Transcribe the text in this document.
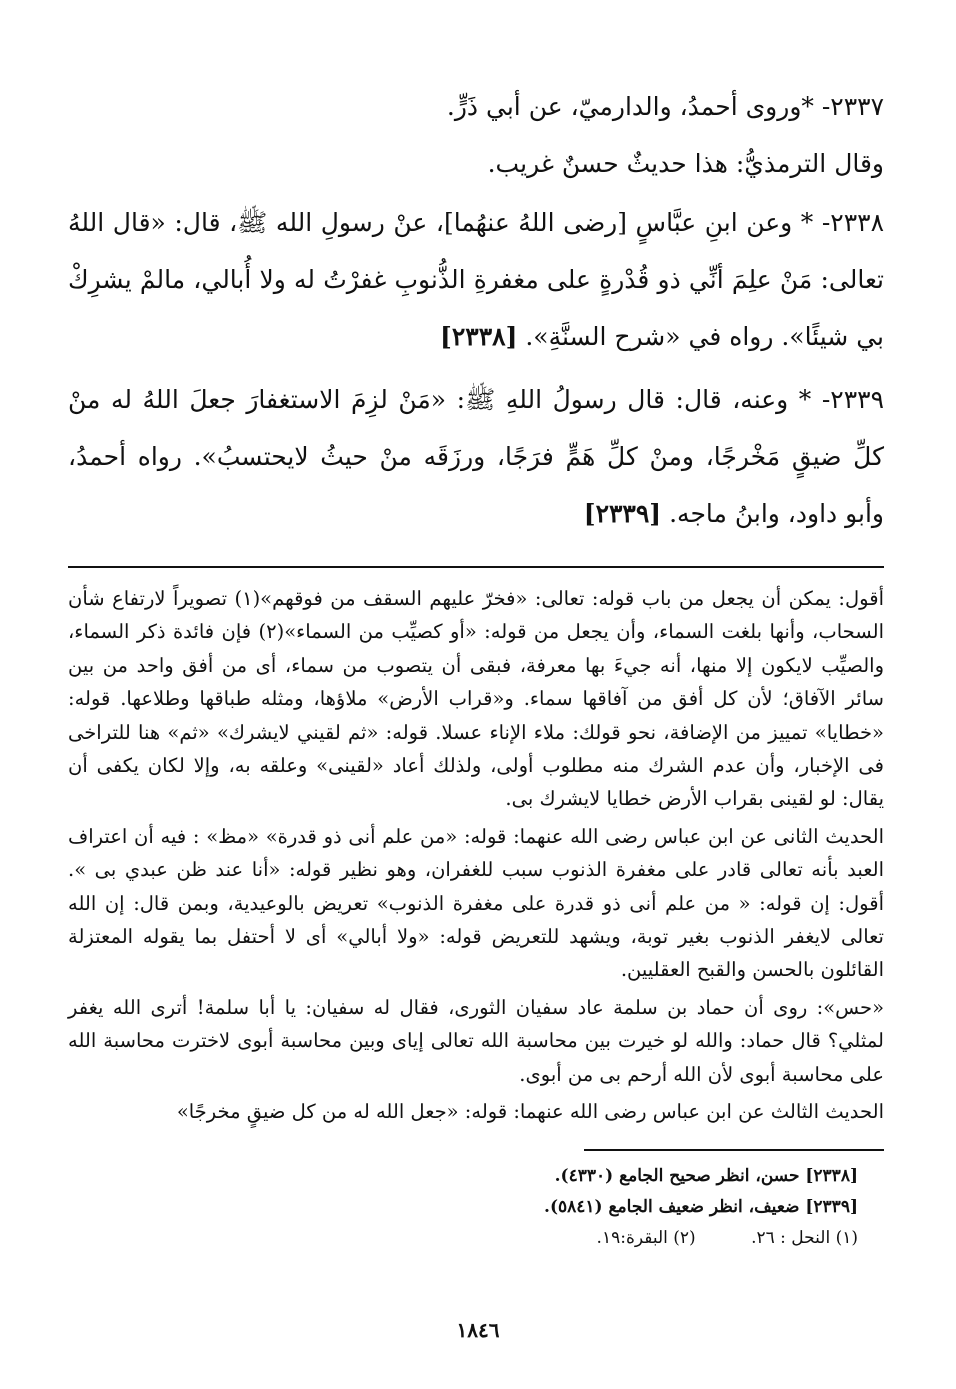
٢٣٣٧- *وروى أحمدُ، والدارميّ، عن أبي ذَرٍّ.
وقال الترمذيُّ: هذا حديثٌ حسنٌ غريب.
٢٣٣٨- * وعن ابنِ عبَّاسٍ [رضى اللهُ عنهُما]، عنْ رسولِ الله ﷺ، قال: «قال اللهُ تعالى: مَنْ علِمَ أنِّي ذو قُدْرةٍ على مغفرةِ الذُّنوبِ غفرْتُ له ولا أُبالي، مالمْ يشرِكْ بي شيئًا». رواه في «شرح السنَّةِ». [٢٣٣٨]
٢٣٣٩- * وعنه، قال: قال رسولُ اللهِ ﷺ: «مَنْ لزِمَ الاستغفارَ جعلَ اللهُ له منْ كلِّ ضيقٍ مَخْرجًا، ومنْ كلِّ هَمٍّ فرَجًا، ورزَقَه منْ حيثُ لايحتسبُ». رواه أحمدُ، وأبو داود، وابنُ ماجه. [٢٣٣٩]

أقول: يمكن أن يجعل من باب قوله: تعالى: «فخرّ عليهم السقف من فوقهم»(١) تصويراً لارتفاع شأن السحاب، وأنها بلغت السماء، وأن يجعل من قوله: «أو كصيِّب من السماء»(٢) فإن فائدة ذكر السماء، والصيِّب لايكون إلا منها، أنه جيءَ بها معرفة، فبقى أن يتصوب من سماء، أى من أفق واحد من بين سائر الآفاق؛ لأن كل أفق من آفاقها سماء. و«قراب الأرض» ملاؤها، ومثله طباقها وطلاعها. قوله: «خطايا» تمييز من الإضافة، نحو قولك: ملاء الإناء عسلا. قوله: «ثم لقيني لايشرك» «ثم» هنا للتراخى فى الإخبار، وأن عدم الشرك منه مطلوب أولى، ولذلك أعاد «لقينى» وعلقه به، وإلا لكان يكفى أن يقال: لو لقينى بقراب الأرض خطايا لايشرك بى.

الحديث الثانى عن ابن عباس رضى الله عنهما: قوله: «من علم أنى ذو قدرة» «مظ» : فيه أن اعتراف العبد بأنه تعالى قادر على مغفرة الذنوب سبب للغفران، وهو نظير قوله: «أنا عند ظن عبدي بى ». أقول: إن قوله: « من علم أنى ذو قدرة على مغفرة الذنوب» تعريض بالوعيدية، وبمن قال: إن الله تعالى لايغفر الذنوب بغير توبة، ويشهد للتعريض قوله: «ولا أبالي» أى لا أحتفل بما يقوله المعتزلة القائلون بالحسن والقبح العقليين.

«حس»: روى أن حماد بن سلمة عاد سفيان الثورى، فقال له سفيان: يا أبا سلمة! أترى الله يغفر لمثلي؟ قال حماد: والله لو خيرت بين محاسبة الله تعالى إياى وبين محاسبة أبوى لاخترت محاسبة الله على محاسبة أبوى لأن الله أرحم بى من أبوى.

الحديث الثالث عن ابن عباس رضى الله عنهما: قوله: «جعل الله له من كل ضيقٍ مخرجًا»

[٢٣٣٨] حسن، انظر صحيح الجامع (٤٣٣٠).
[٢٣٣٩] ضعيف، انظر ضعيف الجامع (٥٨٤١).
(١) النحل : ٢٦. (٢) البقرة:١٩.
١٨٤٦
